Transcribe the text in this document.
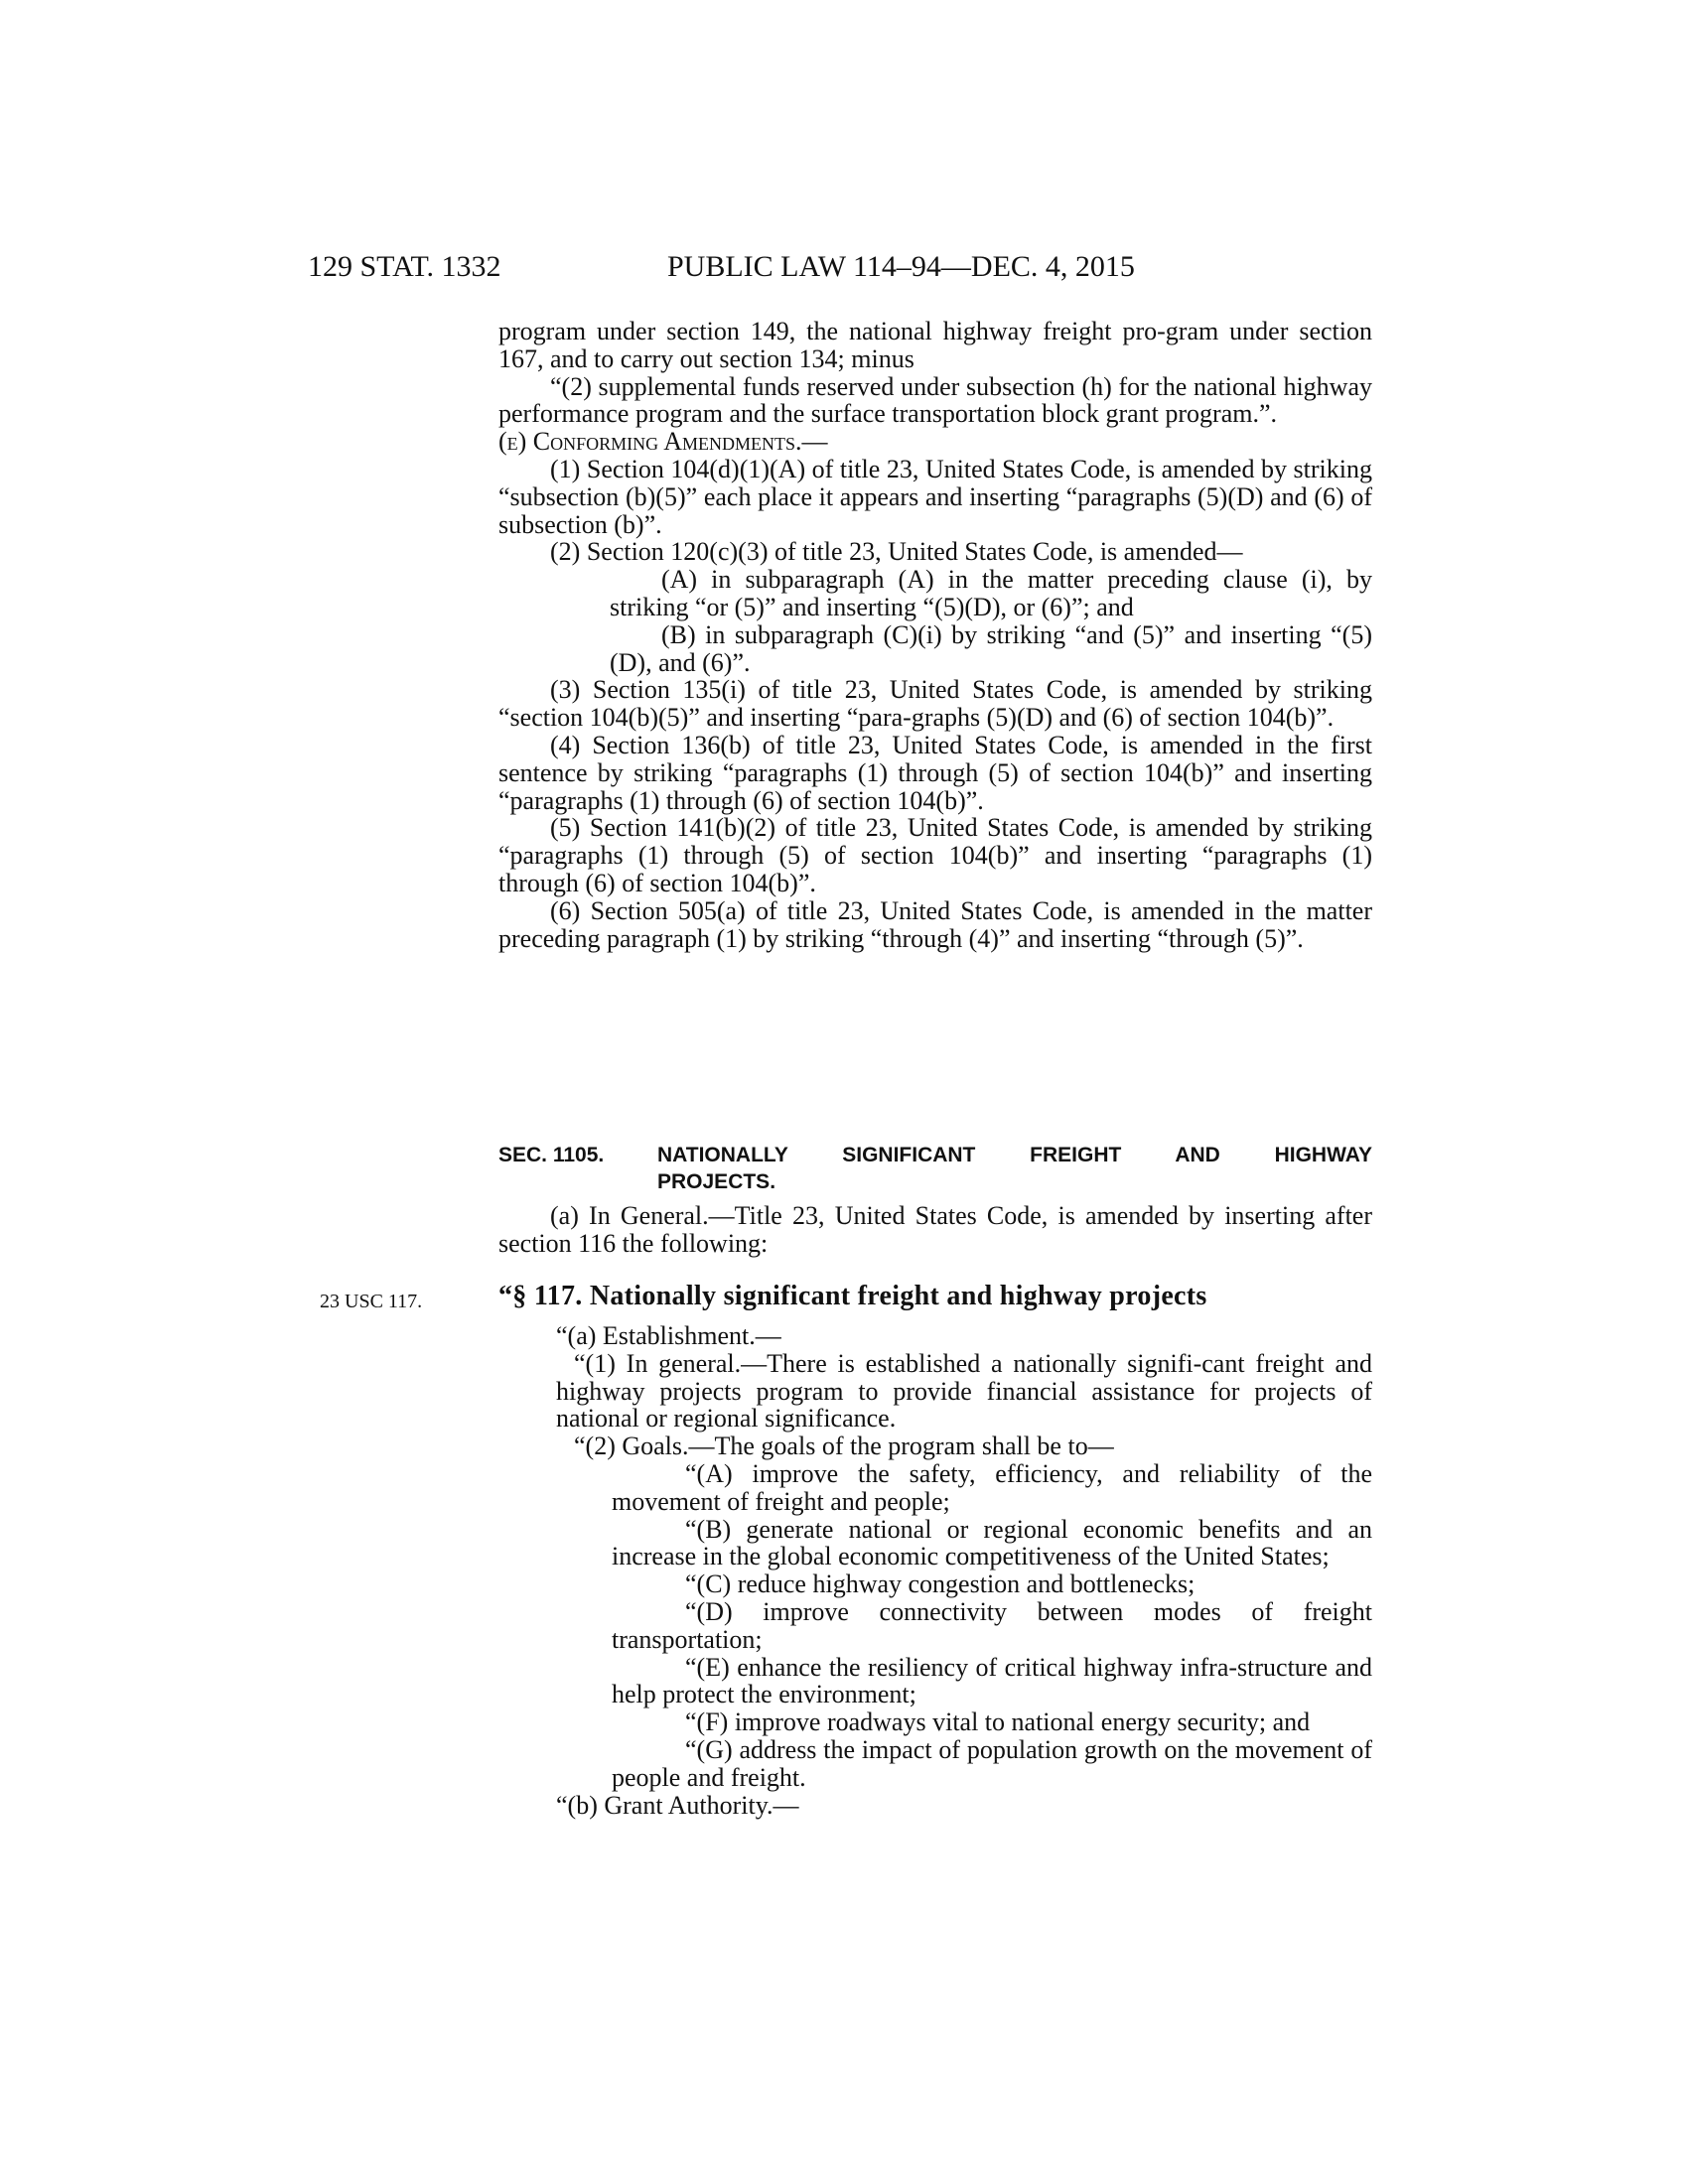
129 STAT. 1332	PUBLIC LAW 114–94—DEC. 4, 2015

program under section 149, the national highway freight pro-gram under section 167, and to carry out section 134; minus

“(2) supplemental funds reserved under subsection (h) for the national highway performance program and the surface transportation block grant program.”.

(e) Conforming Amendments.—

(1) Section 104(d)(1)(A) of title 23, United States Code, is amended by striking “subsection (b)(5)” each place it appears and inserting “paragraphs (5)(D) and (6) of subsection (b)”.

(2) Section 120(c)(3) of title 23, United States Code, is amended—

(A) in subparagraph (A) in the matter preceding clause (i), by striking “or (5)” and inserting “(5)(D), or (6)”; and

(B) in subparagraph (C)(i) by striking “and (5)” and inserting “(5)(D), and (6)”.

(3) Section 135(i) of title 23, United States Code, is amended by striking “section 104(b)(5)” and inserting “para-graphs (5)(D) and (6) of section 104(b)”.

(4) Section 136(b) of title 23, United States Code, is amended in the first sentence by striking “paragraphs (1) through (5) of section 104(b)” and inserting “paragraphs (1) through (6) of section 104(b)”.

(5) Section 141(b)(2) of title 23, United States Code, is amended by striking “paragraphs (1) through (5) of section 104(b)” and inserting “paragraphs (1) through (6) of section 104(b)”.

(6) Section 505(a) of title 23, United States Code, is amended in the matter preceding paragraph (1) by striking “through (4)” and inserting “through (5)”.

SEC. 1105.	NATIONALLY SIGNIFICANT FREIGHT AND HIGHWAY
PROJECTS.

(a) In General.—Title 23, United States Code, is amended by inserting after section 116 the following:

23 USC 117.	“§ 117. Nationally significant freight and highway projects

“(a) Establishment.—

“(1) In general.—There is established a nationally signifi-cant freight and highway projects program to provide financial assistance for projects of national or regional significance.

“(2) Goals.—The goals of the program shall be to—

“(A) improve the safety, efficiency, and reliability of the movement of freight and people;

“(B) generate national or regional economic benefits and an increase in the global economic competitiveness of the United States;

“(C) reduce highway congestion and bottlenecks;

“(D) improve connectivity between modes of freight transportation;

“(E) enhance the resiliency of critical highway infra-structure and help protect the environment;

“(F) improve roadways vital to national energy security; and

“(G) address the impact of population growth on the movement of people and freight.

“(b) Grant Authority.—
